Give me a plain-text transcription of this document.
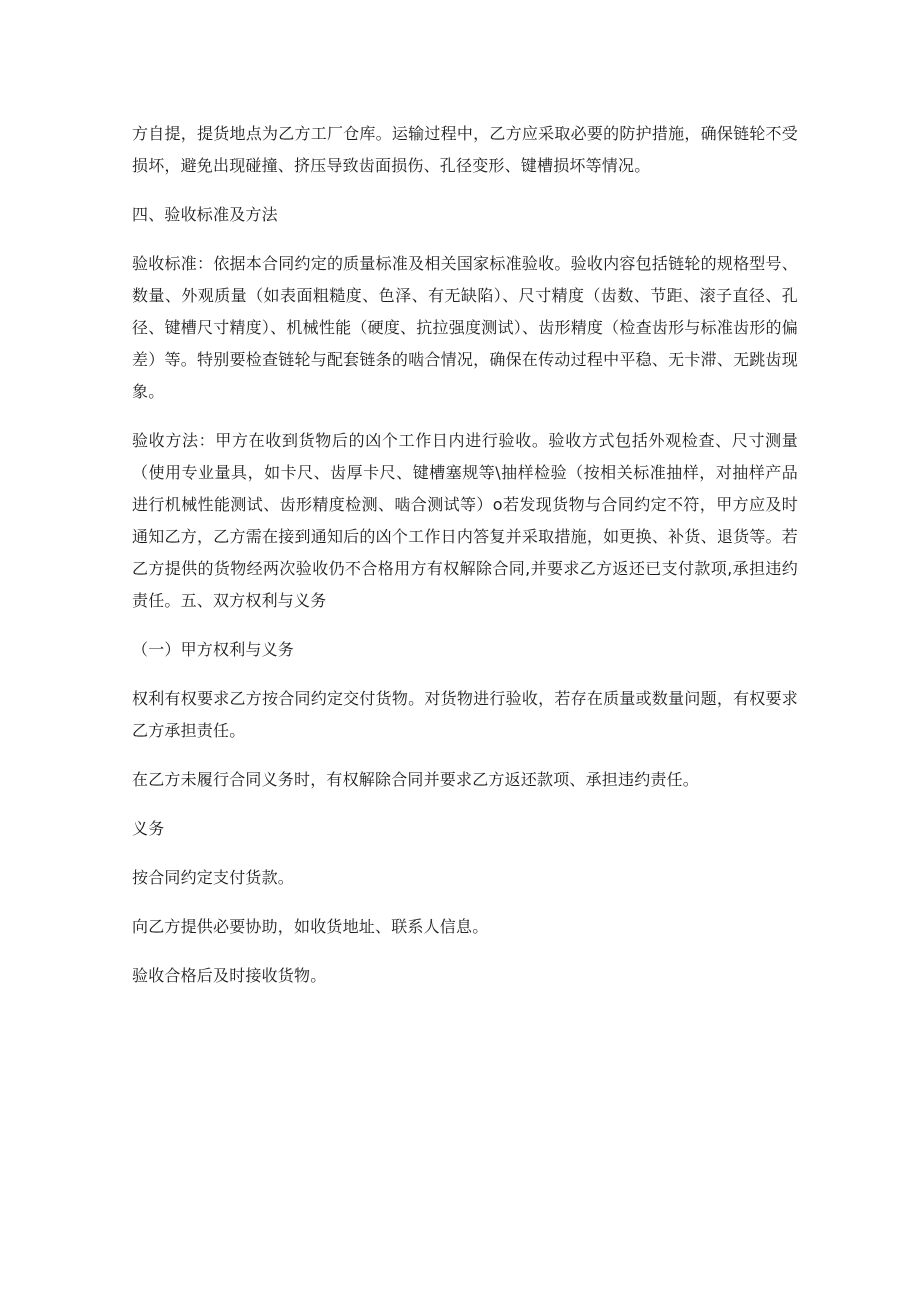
方自提，提货地点为乙方工厂仓库。运输过程中，乙方应采取必要的防护措施，确保链轮不受损坏，避免出现碰撞、挤压导致齿面损伤、孔径变形、键槽损坏等情况。

四、验收标准及方法

验收标准：依据本合同约定的质量标准及相关国家标准验收。验收内容包括链轮的规格型号、数量、外观质量（如表面粗糙度、色泽、有无缺陷）、尺寸精度（齿数、节距、滚子直径、孔径、键槽尺寸精度）、机械性能（硬度、抗拉强度测试）、齿形精度（检查齿形与标准齿形的偏差）等。特别要检查链轮与配套链条的啮合情况，确保在传动过程中平稳、无卡滞、无跳齿现象。

验收方法：甲方在收到货物后的凶个工作日内进行验收。验收方式包括外观检查、尺寸测量（使用专业量具，如卡尺、齿厚卡尺、键槽塞规等\抽样检验（按相关标准抽样，对抽样产品进行机械性能测试、齿形精度检测、啮合测试等）o若发现货物与合同约定不符，甲方应及时通知乙方，乙方需在接到通知后的凶个工作日内答复并采取措施，如更换、补货、退货等。若乙方提供的货物经两次验收仍不合格用方有权解除合同,并要求乙方返还已支付款项,承担违约责任。五、双方权利与义务

（一）甲方权利与义务

权利有权要求乙方按合同约定交付货物。对货物进行验收，若存在质量或数量问题，有权要求乙方承担责任。

在乙方未履行合同义务时，有权解除合同并要求乙方返还款项、承担违约责任。

义务

按合同约定支付货款。

向乙方提供必要协助，如收货地址、联系人信息。

验收合格后及时接收货物。
